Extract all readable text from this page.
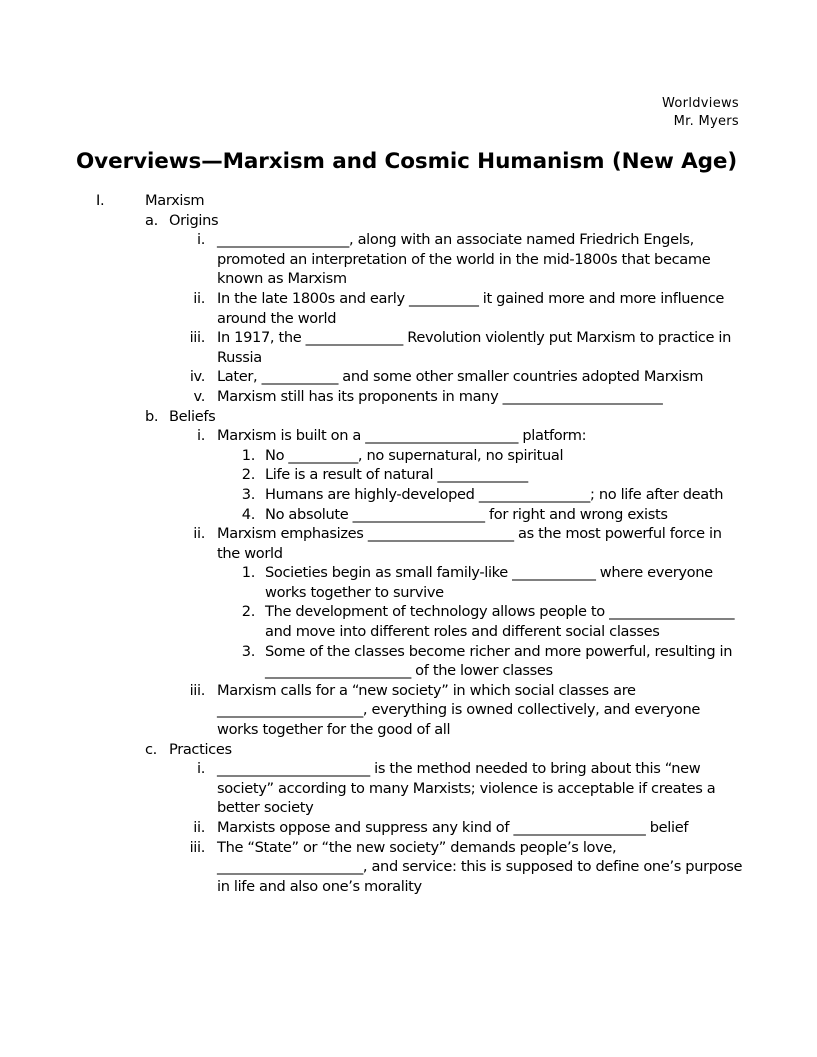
Worldviews
Mr. Myers
Overviews—Marxism and Cosmic Humanism (New Age)
I.	Marxism
a. Origins
i. ___________________, along with an associate named Friedrich Engels, promoted an interpretation of the world in the mid-1800s that became known as Marxism
ii. In the late 1800s and early __________ it gained more and more influence around the world
iii. In 1917, the ______________ Revolution violently put Marxism to practice in Russia
iv. Later, ___________ and some other smaller countries adopted Marxism
v. Marxism still has its proponents in many _______________________
b. Beliefs
i. Marxism is built on a ______________________ platform:
1. No __________, no supernatural, no spiritual
2. Life is a result of natural _____________
3. Humans are highly-developed ________________; no life after death
4. No absolute ___________________ for right and wrong exists
ii. Marxism emphasizes _____________________ as the most powerful force in the world
1. Societies begin as small family-like ____________ where everyone works together to survive
2. The development of technology allows people to __________________ and move into different roles and different social classes
3. Some of the classes become richer and more powerful, resulting in _____________________ of the lower classes
iii. Marxism calls for a “new society” in which social classes are _____________________, everything is owned collectively, and everyone works together for the good of all
c. Practices
i. ______________________ is the method needed to bring about this “new society” according to many Marxists; violence is acceptable if creates a better society
ii. Marxists oppose and suppress any kind of ___________________ belief
iii. The “State” or “the new society” demands people’s love, _____________________, and service: this is supposed to define one’s purpose in life and also one’s morality
